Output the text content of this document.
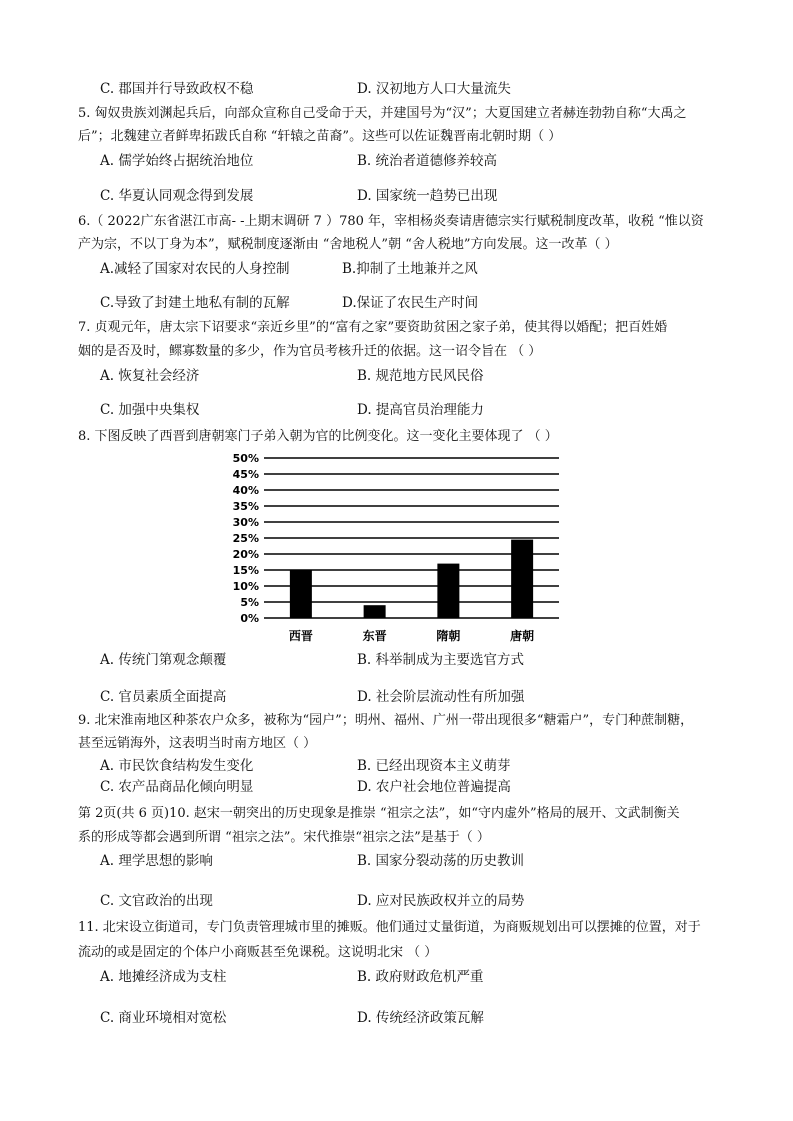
C. 郡国并行导致政权不稳	D. 汉初地方人口大量流失
5. 匈奴贵族刘渊起兵后，向部众宣称自己受命于天，并建国号为“汉”；大夏国建立者赫连勃勃自称“大禹之
后”；北魏建立者鲜卑拓跋氏自称 “轩辕之苗裔”。这些可以佐证魏晋南北朝时期（ ）
A. 儒学始终占据统治地位	B. 统治者道德修养较高
C. 华夏认同观念得到发展	D. 国家统一趋势已出现
6.（ 2022广东省湛江市高- -上期末调研 7 ）780 年，宰相杨炎奏请唐德宗实行赋税制度改革，收税 “惟以资
产为宗，不以丁身为本”，赋税制度逐渐由 “舍地税人”朝 “舍人税地”方向发展。这一改革（ ）
A.减轻了国家对农民的人身控制	B.抑制了土地兼并之风
C.导致了封建土地私有制的瓦解	D.保证了农民生产时间
7. 贞观元年，唐太宗下诏要求“亲近乡里”的“富有之家”要资助贫困之家子弟，使其得以婚配；把百姓婚
姻的是否及时，鳏寡数量的多少，作为官员考核升迁的依据。这一诏令旨在 （ ）
A. 恢复社会经济	B. 规范地方民风民俗
C. 加强中央集权	D. 提高官员治理能力
8. 下图反映了西晋到唐朝寒门子弟入朝为官的比例变化。这一变化主要体现了 （ ）
0%
5%
10%
15%
20%
25%
30%
35%
40%
45%
50%
西晋	东晋	隋朝	唐朝
A. 传统门第观念颠覆	B. 科举制成为主要选官方式
C. 官员素质全面提高	D. 社会阶层流动性有所加强
9. 北宋淮南地区种茶农户众多，被称为“园户”；明州、福州、广州一带出现很多“糖霜户”，专门种蔗制糖，
甚至远销海外，这表明当时南方地区（ ）
A. 市民饮食结构发生变化	B. 已经出现资本主义萌芽
C. 农产品商品化倾向明显	D. 农户社会地位普遍提高
第 2页(共 6 页)10. 赵宋一朝突出的历史现象是推崇 “祖宗之法”，如“守内虚外”格局的展开、文武制衡关
系的形成等都会遇到所谓 “祖宗之法”。宋代推崇“祖宗之法”是基于（ ）
A. 理学思想的影响	B. 国家分裂动荡的历史教训
C. 文官政治的出现	D. 应对民族政权并立的局势
11. 北宋设立街道司，专门负责管理城市里的摊贩。他们通过丈量街道，为商贩规划出可以摆摊的位置，对于
流动的或是固定的个体户小商贩甚至免课税。这说明北宋 （ ）
A. 地摊经济成为支柱	B. 政府财政危机严重
C. 商业环境相对宽松	D. 传统经济政策瓦解
